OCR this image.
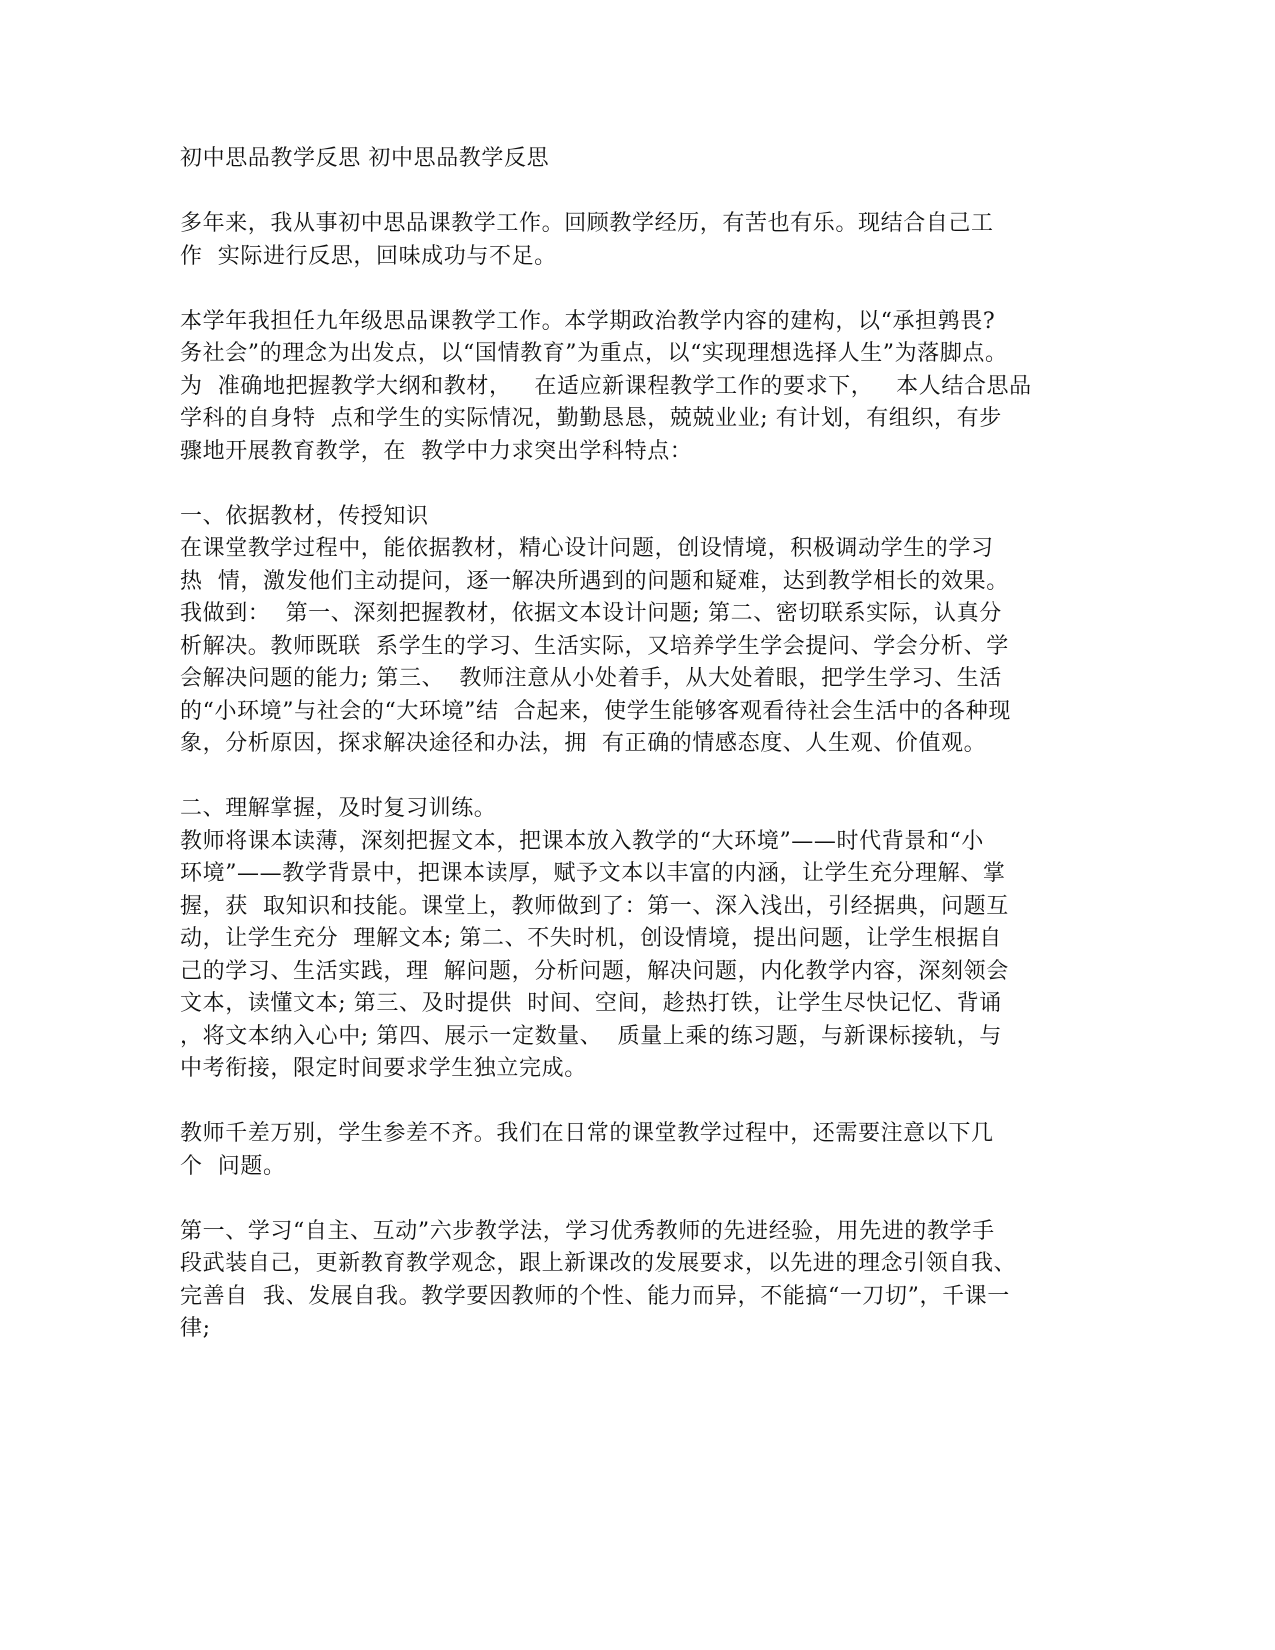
初中思品教学反思 初中思品教学反思
多年来，我从事初中思品课教学工作。回顾教学经历，有苦也有乐。现结合自己工
作  实际进行反思，回味成功与不足。
本学年我担任九年级思品课教学工作。本学期政治教学内容的建构，以“承担鹑畏?
务社会”的理念为出发点，以“国情教育”为重点，以“实现理想选择人生”为落脚点。
为  准确地把握教学大纲和教材，   在适应新课程教学工作的要求下，   本人结合思品
学科的自身特  点和学生的实际情况，勤勤恳恳，兢兢业业; 有计划，有组织，有步
骤地开展教育教学，在  教学中力求突出学科特点：
一、依据教材，传授知识
在课堂教学过程中，能依据教材，精心设计问题，创设情境，积极调动学生的学习
热  情，激发他们主动提问，逐一解决所遇到的问题和疑难，达到教学相长的效果。
我做到：  第一、深刻把握教材，依据文本设计问题; 第二、密切联系实际，认真分
析解决。教师既联  系学生的学习、生活实际，又培养学生学会提问、学会分析、学
会解决问题的能力; 第三、  教师注意从小处着手，从大处着眼，把学生学习、生活
的“小环境”与社会的“大环境”结  合起来，使学生能够客观看待社会生活中的各种现
象，分析原因，探求解决途径和办法，拥  有正确的情感态度、人生观、价值观。
二、理解掌握，及时复习训练。
教师将课本读薄，深刻把握文本，把课本放入教学的“大环境”——时代背景和“小
环境”——教学背景中，把课本读厚，赋予文本以丰富的内涵，让学生充分理解、掌
握，获  取知识和技能。课堂上，教师做到了：第一、深入浅出，引经据典，问题互
动，让学生充分  理解文本; 第二、不失时机，创设情境，提出问题，让学生根据自
己的学习、生活实践，理  解问题，分析问题，解决问题，内化教学内容，深刻领会
文本，读懂文本; 第三、及时提供  时间、空间，趁热打铁，让学生尽快记忆、背诵
，将文本纳入心中; 第四、展示一定数量、  质量上乘的练习题，与新课标接轨，与
中考衔接，限定时间要求学生独立完成。
教师千差万别，学生参差不齐。我们在日常的课堂教学过程中，还需要注意以下几
个  问题。
第一、学习“自主、互动”六步教学法，学习优秀教师的先进经验，用先进的教学手
段武装自己，更新教育教学观念，跟上新课改的发展要求，以先进的理念引领自我、
完善自  我、发展自我。教学要因教师的个性、能力而异，不能搞“一刀切”，千课一
律;
